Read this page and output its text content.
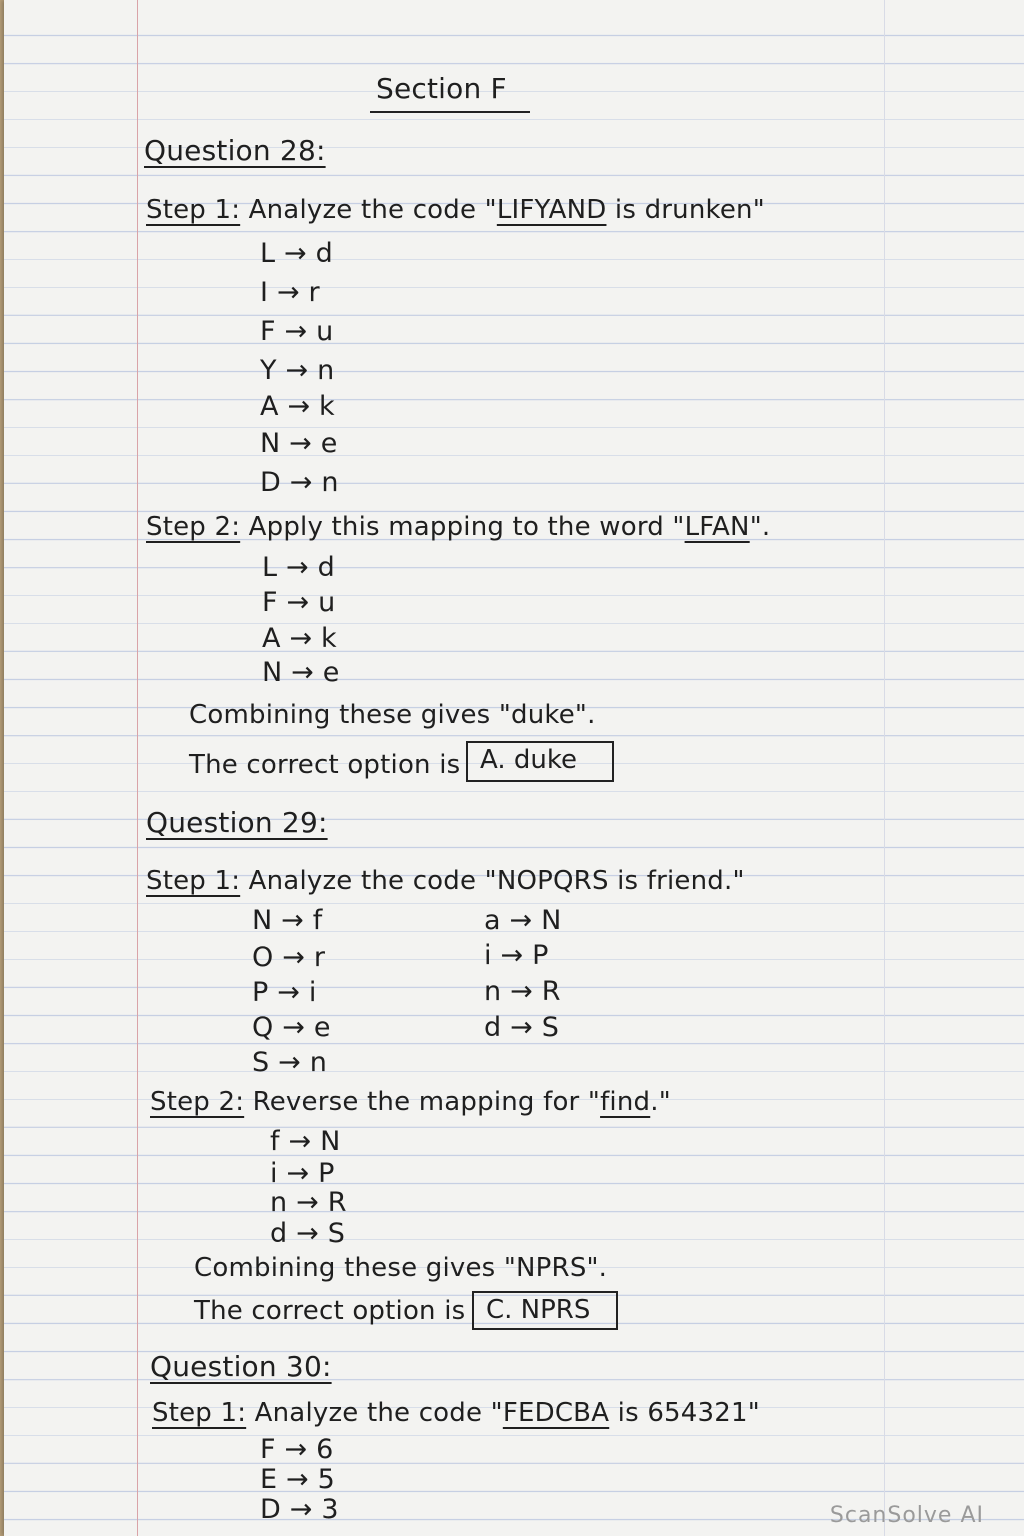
Section F
Question 28:
Step 1: Analyze the code "LIFYAND is drunken"
L → d
I → r
F → u
Y → n
A → k
N → e
D → n
Step 2: Apply this mapping to the word "LFAN".
L → d
F → u
A → k
N → e
Combining these gives "duke".
The correct option is A. duke
Question 29:
Step 1: Analyze the code "NOPQRS is friend."
N → f
O → r
P → i
Q → e
S → n
a → N
i → P
n → R
d → S
Step 2: Reverse the mapping for "find."
f → N
i → P
n → R
d → S
Combining these gives "NPRS".
The correct option is C. NPRS
Question 30:
Step 1: Analyze the code "FEDCBA is 654321"
F → 6
E → 5
D → 3	ScanSolve AI
